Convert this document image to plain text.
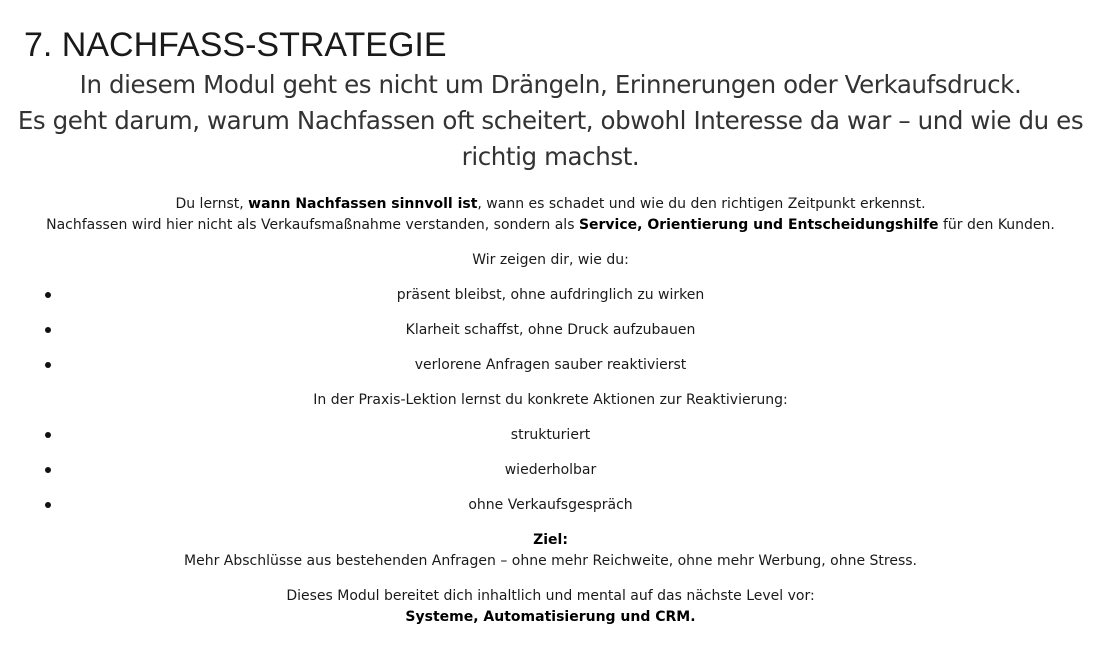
7. NACHFASS-STRATEGIE

In diesem Modul geht es nicht um Drängeln, Erinnerungen oder Verkaufsdruck.
Es geht darum, warum Nachfassen oft scheitert, obwohl Interesse da war – und wie du es
richtig machst.

Du lernst, wann Nachfassen sinnvoll ist, wann es schadet und wie du den richtigen Zeitpunkt erkennst.

Nachfassen wird hier nicht als Verkaufsmaßnahme verstanden, sondern als Service, Orientierung und Entscheidungshilfe für den Kunden.

Wir zeigen dir, wie du:

präsent bleibst, ohne aufdringlich zu wirken
Klarheit schaffst, ohne Druck aufzubauen
verlorene Anfragen sauber reaktivierst

In der Praxis-Lektion lernst du konkrete Aktionen zur Reaktivierung:

strukturiert
wiederholbar
ohne Verkaufsgespräch

Ziel:

Mehr Abschlüsse aus bestehenden Anfragen – ohne mehr Reichweite, ohne mehr Werbung, ohne Stress.

Dieses Modul bereitet dich inhaltlich und mental auf das nächste Level vor:

Systeme, Automatisierung und CRM.
